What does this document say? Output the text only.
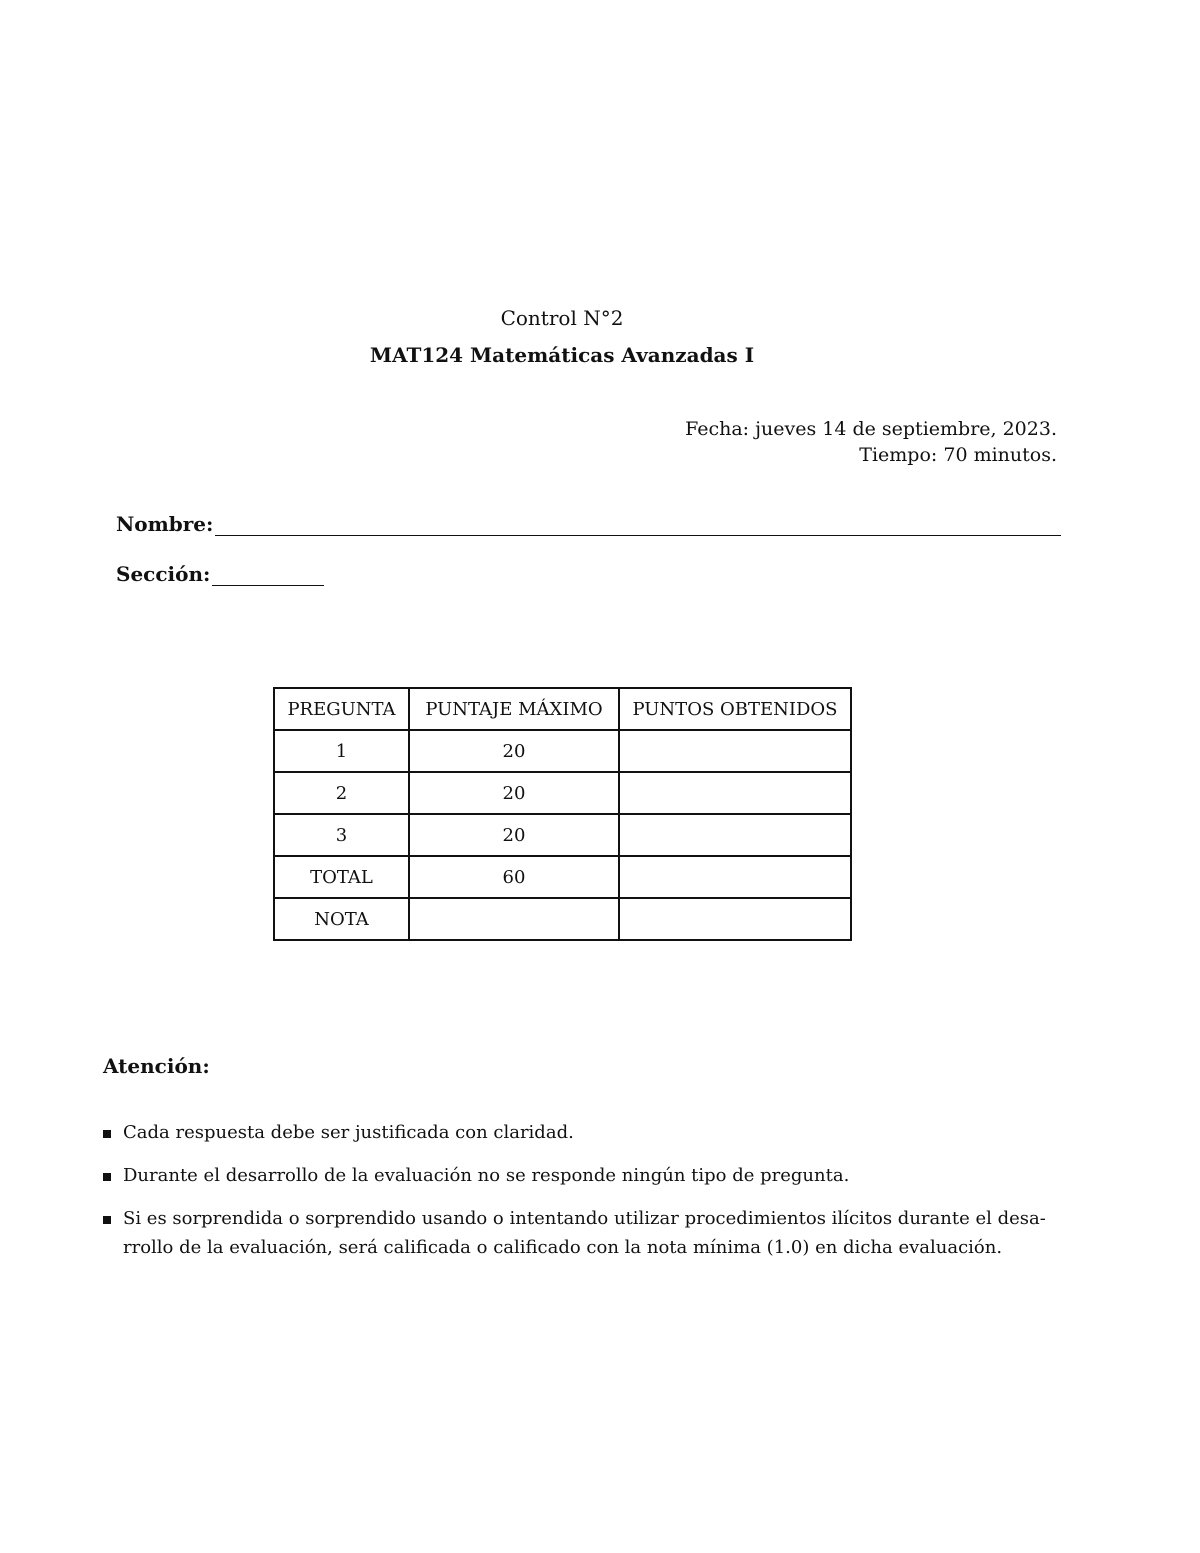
Control N°2
MAT124 Matemáticas Avanzadas I
Fecha: jueves 14 de septiembre, 2023.
Tiempo: 70 minutos.
Nombre:
Sección:
PREGUNTA	PUNTAJE MÁXIMO	PUNTOS OBTENIDOS
1	20	
2	20	
3	20	
TOTAL	60	
NOTA		
Atención:
Cada respuesta debe ser justificada con claridad.
Durante el desarrollo de la evaluación no se responde ningún tipo de pregunta.
Si es sorprendida o sorprendido usando o intentando utilizar procedimientos ilícitos durante el desa-
rrollo de la evaluación, será calificada o calificado con la nota mínima (1.0) en dicha evaluación.
